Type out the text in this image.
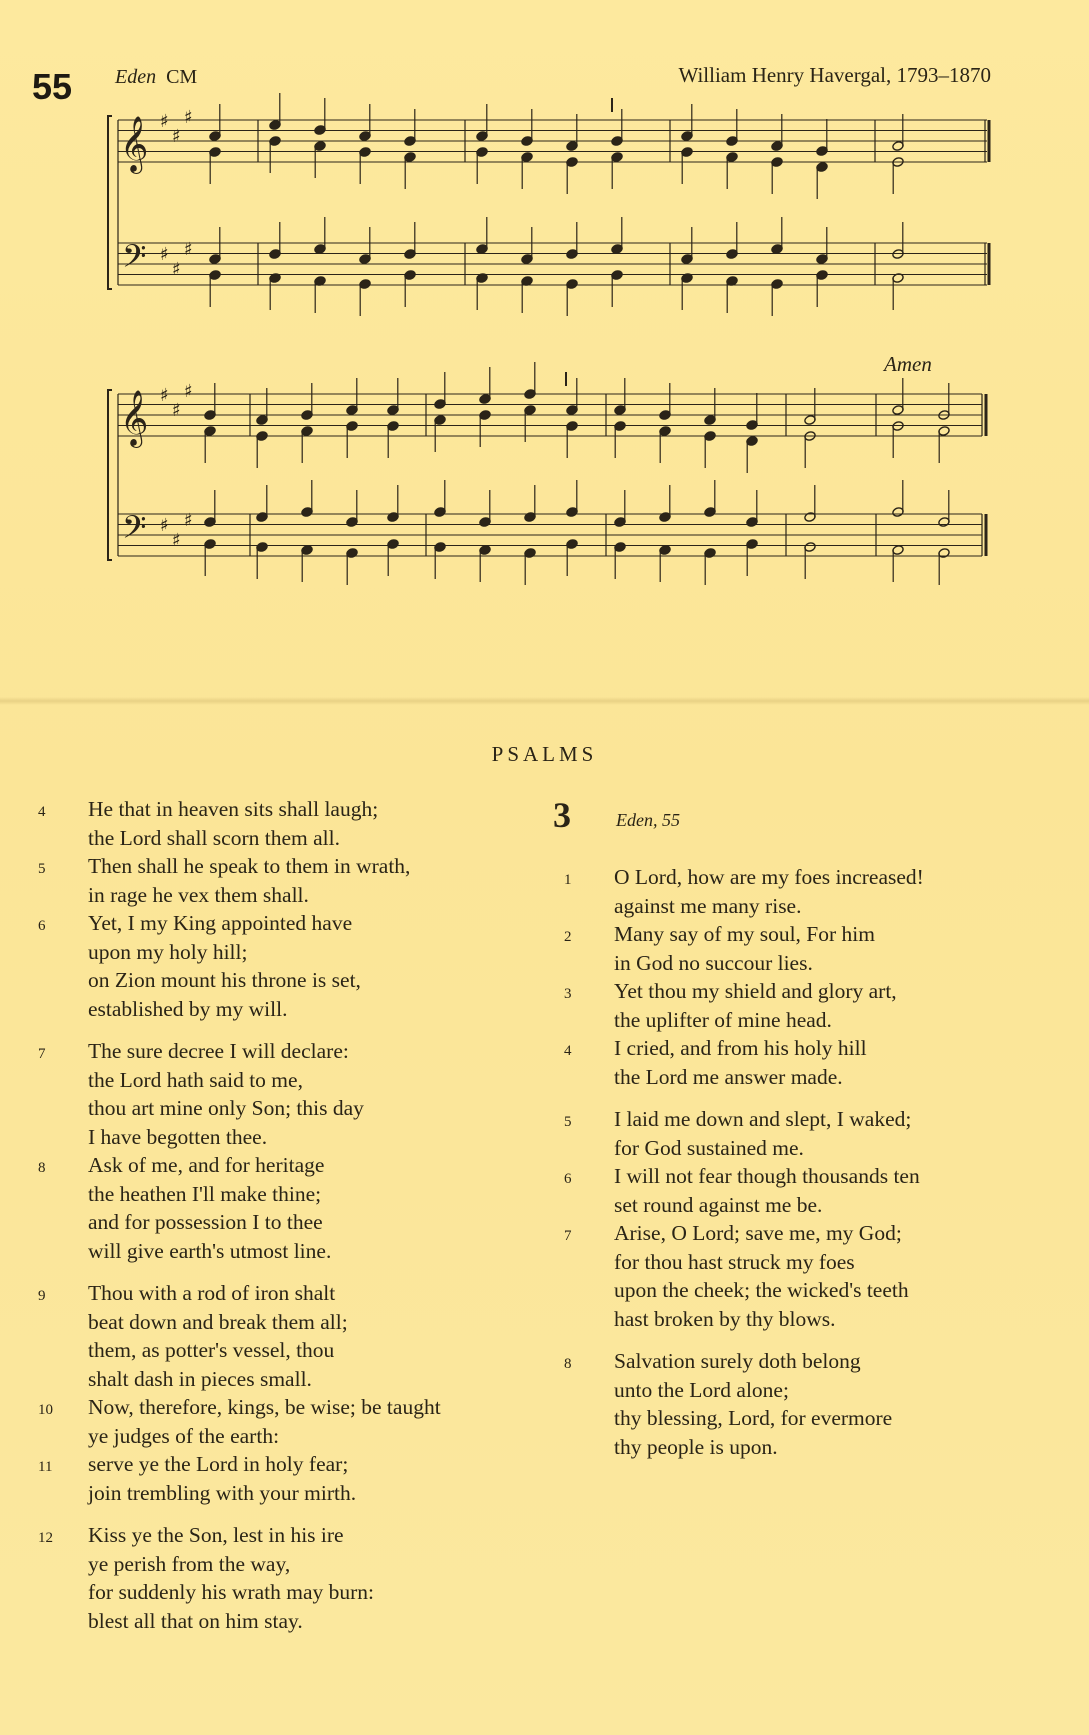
55 Eden CM	William Henry Havergal, 1793–1870
Amen
𝄞
𝄢
♯
♯
♯
♯
♯
♯
𝄞
𝄢
♯
♯
♯
♯
♯
♯
PSALMS
4	He that in heaven sits shall laugh;
the Lord shall scorn them all.
5	Then shall he speak to them in wrath,
in rage he vex them shall.
6	Yet, I my King appointed have
upon my holy hill;
on Zion mount his throne is set,
established by my will.
7	The sure decree I will declare:
the Lord hath said to me,
thou art mine only Son; this day
I have begotten thee.
8	Ask of me, and for heritage
the heathen I'll make thine;
and for possession I to thee
will give earth's utmost line.
9	Thou with a rod of iron shalt
beat down and break them all;
them, as potter's vessel, thou
shalt dash in pieces small.
10	Now, therefore, kings, be wise; be taught
ye judges of the earth:
11	serve ye the Lord in holy fear;
join trembling with your mirth.
12	Kiss ye the Son, lest in his ire
ye perish from the way,
for suddenly his wrath may burn:
blest all that on him stay.
3	Eden, 55
1	O Lord, how are my foes increased!
against me many rise.
2	Many say of my soul, For him
in God no succour lies.
3	Yet thou my shield and glory art,
the uplifter of mine head.
4	I cried, and from his holy hill
the Lord me answer made.
5	I laid me down and slept, I waked;
for God sustained me.
6	I will not fear though thousands ten
set round against me be.
7	Arise, O Lord; save me, my God;
for thou hast struck my foes
upon the cheek; the wicked's teeth
hast broken by thy blows.
8	Salvation surely doth belong
unto the Lord alone;
thy blessing, Lord, for evermore
thy people is upon.
